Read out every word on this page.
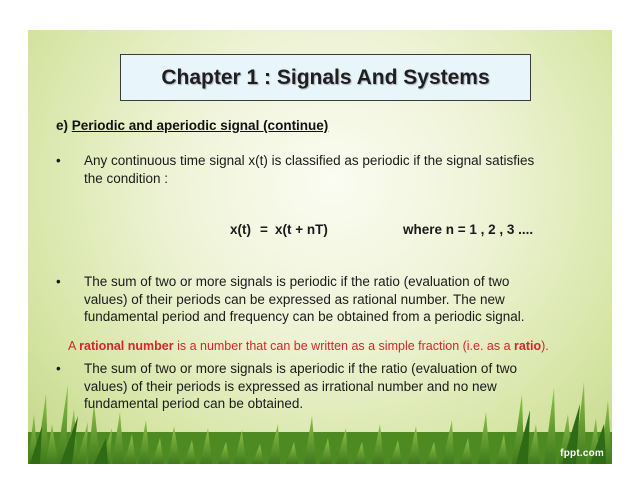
Chapter 1 : Signals And Systems
e) Periodic and aperiodic signal (continue)
• Any continuous time signal x(t) is classified as periodic if the signal satisfies
the condition :
x(t) = x(t + nT)	where n = 1 , 2 , 3 ....
• The sum of two or more signals is periodic if the ratio (evaluation of two
values) of their periods can be expressed as rational number. The new
fundamental period and frequency can be obtained from a periodic signal.
A rational number is a number that can be written as a simple fraction (i.e. as a ratio).
• The sum of two or more signals is aperiodic if the ratio (evaluation of two
values) of their periods is expressed as irrational number and no new
fundamental period can be obtained.
fppt.com
